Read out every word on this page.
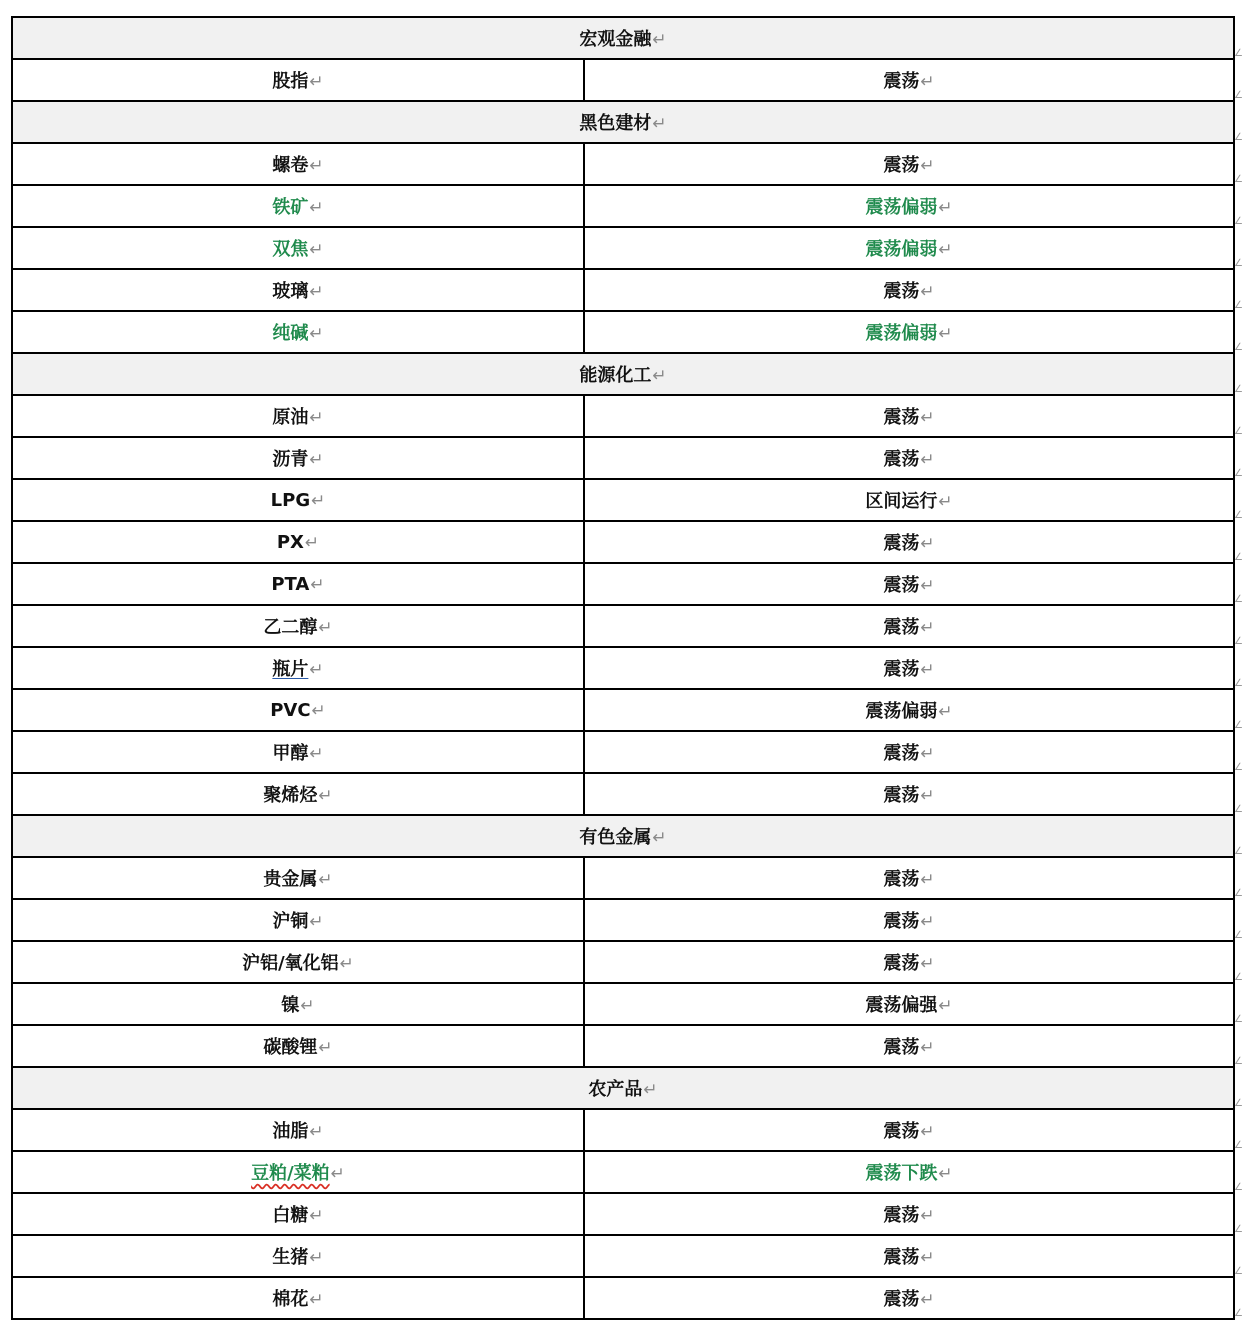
宏观金融↵	
股指↵	震荡↵
黑色建材↵	
螺卷↵	震荡↵
铁矿↵	震荡偏弱↵
双焦↵	震荡偏弱↵
玻璃↵	震荡↵
纯碱↵	震荡偏弱↵
能源化工↵	
原油↵	震荡↵
沥青↵	震荡↵
LPG↵	区间运行↵
PX↵	震荡↵
PTA↵	震荡↵
乙二醇↵	震荡↵
瓶片↵	震荡↵
PVC↵	震荡偏弱↵
甲醇↵	震荡↵
聚烯烃↵	震荡↵
有色金属↵	
贵金属↵	震荡↵
沪铜↵	震荡↵
沪铝/氧化铝↵	震荡↵
镍↵	震荡偏强↵
碳酸锂↵	震荡↵
农产品↵	
油脂↵	震荡↵
豆粕/菜粕↵	震荡下跌↵
白糖↵	震荡↵
生猪↵	震荡↵
棉花↵	震荡↵
∠
∠
∠
∠
∠
∠
∠
∠
∠
∠
∠
∠
∠
∠
∠
∠
∠
∠
∠
∠
∠
∠
∠
∠
∠
∠
∠
∠
∠
∠
∠
